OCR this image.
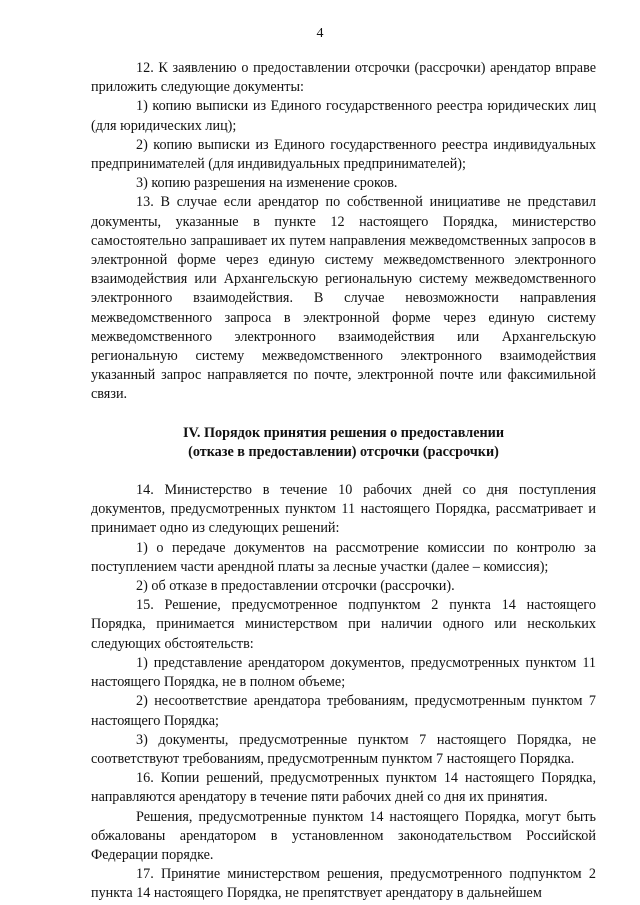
4

12. К заявлению о предоставлении отсрочки (рассрочки) арендатор вправе приложить следующие документы:

1) копию выписки из Единого государственного реестра юридических лиц (для юридических лиц);

2) копию выписки из Единого государственного реестра индивидуальных предпринимателей (для индивидуальных предпринимателей);

3) копию разрешения на изменение сроков.

13. В случае если арендатор по собственной инициативе не представил документы, указанные в пункте 12 настоящего Порядка, министерство самостоятельно запрашивает их путем направления межведомственных запросов в электронной форме через единую систему межведомственного электронного взаимодействия или Архангельскую региональную систему межведомственного электронного взаимодействия. В случае невозможности направления межведомственного запроса в электронной форме через единую систему межведомственного электронного взаимодействия или Архангельскую региональную систему межведомственного электронного взаимодействия указанный запрос направляется по почте, электронной почте или факсимильной связи.

IV. Порядок принятия решения о предоставлении
(отказе в предоставлении) отсрочки (рассрочки)

14. Министерство в течение 10 рабочих дней со дня поступления документов, предусмотренных пунктом 11 настоящего Порядка, рассматривает и принимает одно из следующих решений:

1) о передаче документов на рассмотрение комиссии по контролю за поступлением части арендной платы за лесные участки (далее – комиссия);

2) об отказе в предоставлении отсрочки (рассрочки).

15. Решение, предусмотренное подпунктом 2 пункта 14 настоящего Порядка, принимается министерством при наличии одного или нескольких следующих обстоятельств:

1) представление арендатором документов, предусмотренных пунктом 11 настоящего Порядка, не в полном объеме;

2) несоответствие арендатора требованиям, предусмотренным пунктом 7 настоящего Порядка;

3) документы, предусмотренные пунктом 7 настоящего Порядка, не соответствуют требованиям, предусмотренным пунктом 7 настоящего Порядка.

16. Копии решений, предусмотренных пунктом 14 настоящего Порядка, направляются арендатору в течение пяти рабочих дней со дня их принятия.

Решения, предусмотренные пунктом 14 настоящего Порядка, могут быть обжалованы арендатором в установленном законодательством Российской Федерации порядке.

17. Принятие министерством решения, предусмотренного подпунктом 2 пункта 14 настоящего Порядка, не препятствует арендатору в дальнейшем
